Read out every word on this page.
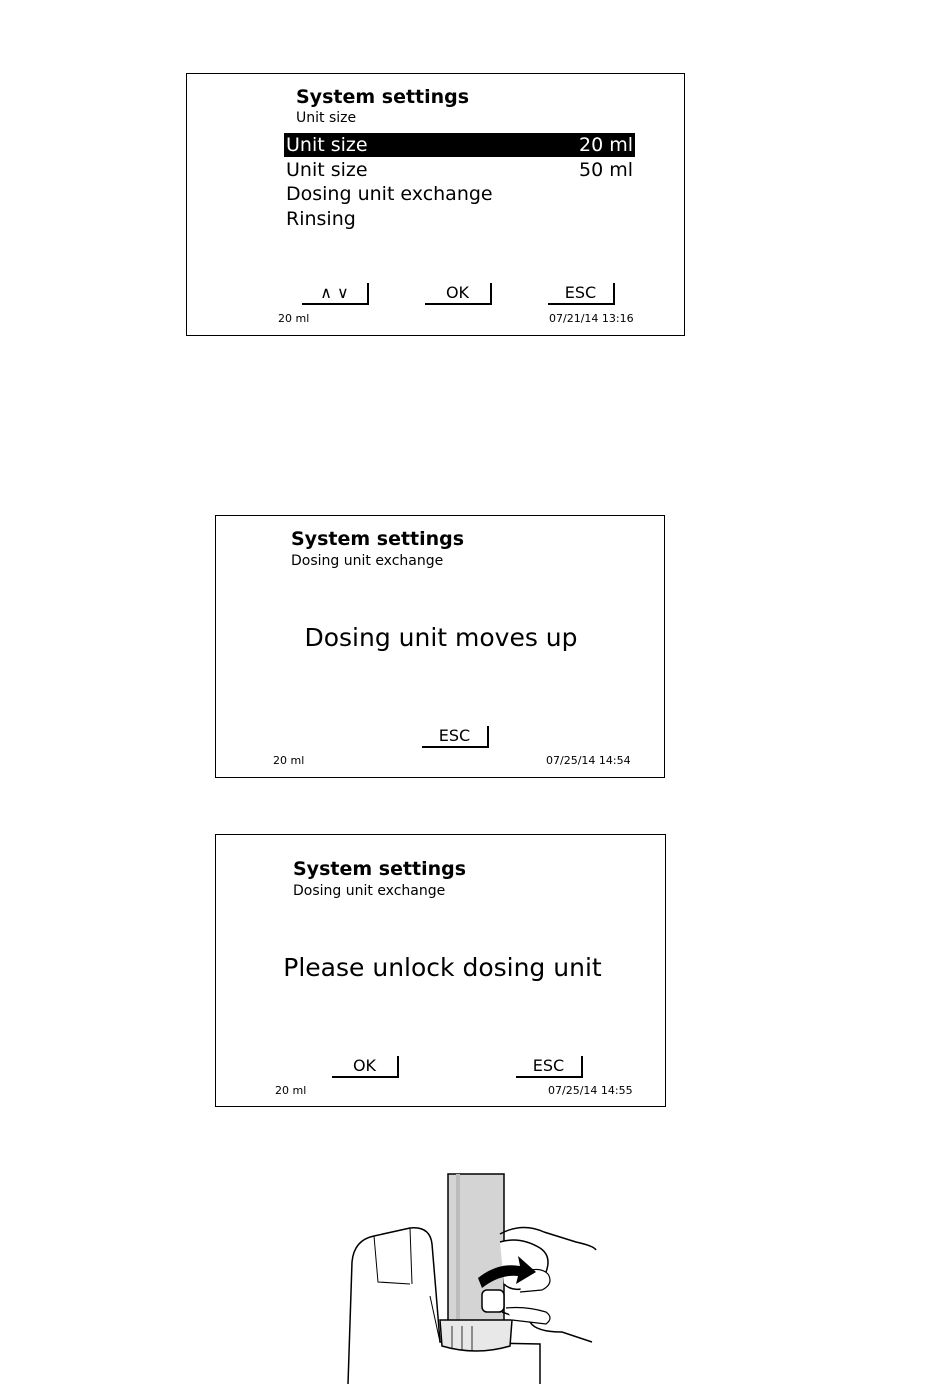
System settings
Unit size
Unit size	20 ml
Unit size	50 ml
Dosing unit exchange
Rinsing
∧ ∨	OK	ESC
20 ml	07/21/14 13:16
System settings
Dosing unit exchange
Dosing unit moves up
ESC
20 ml	07/25/14 14:54
System settings
Dosing unit exchange
Please unlock dosing unit
OK	ESC
20 ml	07/25/14 14:55
